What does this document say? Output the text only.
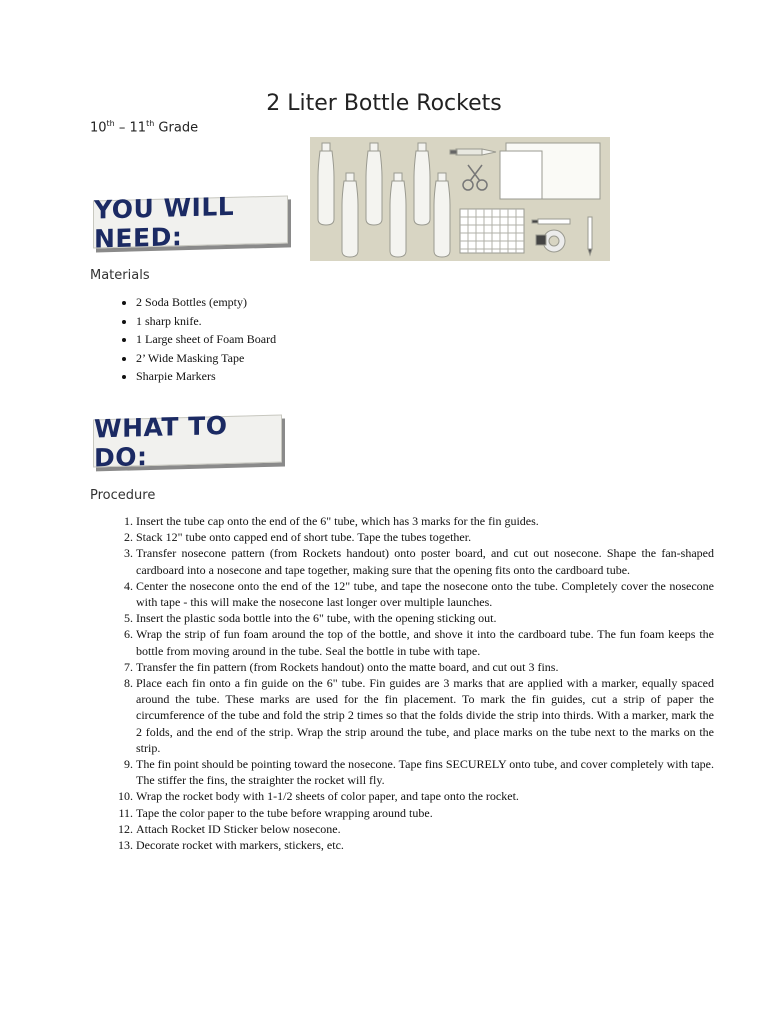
2 Liter Bottle Rockets
10th – 11th Grade
YOU WILL NEED:
Materials
• 2 Soda Bottles (empty)
• 1 sharp knife.
• 1 Large sheet of Foam Board
• 2’ Wide Masking Tape
• Sharpie Markers
WHAT TO DO:
Procedure
1. Insert the tube cap onto the end of the 6" tube, which has 3 marks for the fin guides.
2. Stack 12" tube onto capped end of short tube. Tape the tubes together.
3. Transfer nosecone pattern (from Rockets handout) onto poster board, and cut out nosecone. Shape the fan-shaped cardboard into a nosecone and tape together, making sure that the opening fits onto the cardboard tube.
4. Center the nosecone onto the end of the 12" tube, and tape the nosecone onto the tube. Completely cover the nosecone with tape - this will make the nosecone last longer over multiple launches.
5. Insert the plastic soda bottle into the 6" tube, with the opening sticking out.
6. Wrap the strip of fun foam around the top of the bottle, and shove it into the cardboard tube. The fun foam keeps the bottle from moving around in the tube. Seal the bottle in tube with tape.
7. Transfer the fin pattern (from Rockets handout) onto the matte board, and cut out 3 fins.
8. Place each fin onto a fin guide on the 6" tube. Fin guides are 3 marks that are applied with a marker, equally spaced around the tube. These marks are used for the fin placement. To mark the fin guides, cut a strip of paper the circumference of the tube and fold the strip 2 times so that the folds divide the strip into thirds. With a marker, mark the 2 folds, and the end of the strip. Wrap the strip around the tube, and place marks on the tube next to the marks on the strip.
9. The fin point should be pointing toward the nosecone. Tape fins SECURELY onto tube, and cover completely with tape. The stiffer the fins, the straighter the rocket will fly.
10. Wrap the rocket body with 1-1/2 sheets of color paper, and tape onto the rocket.
11. Tape the color paper to the tube before wrapping around tube.
12. Attach Rocket ID Sticker below nosecone.
13. Decorate rocket with markers, stickers, etc.
